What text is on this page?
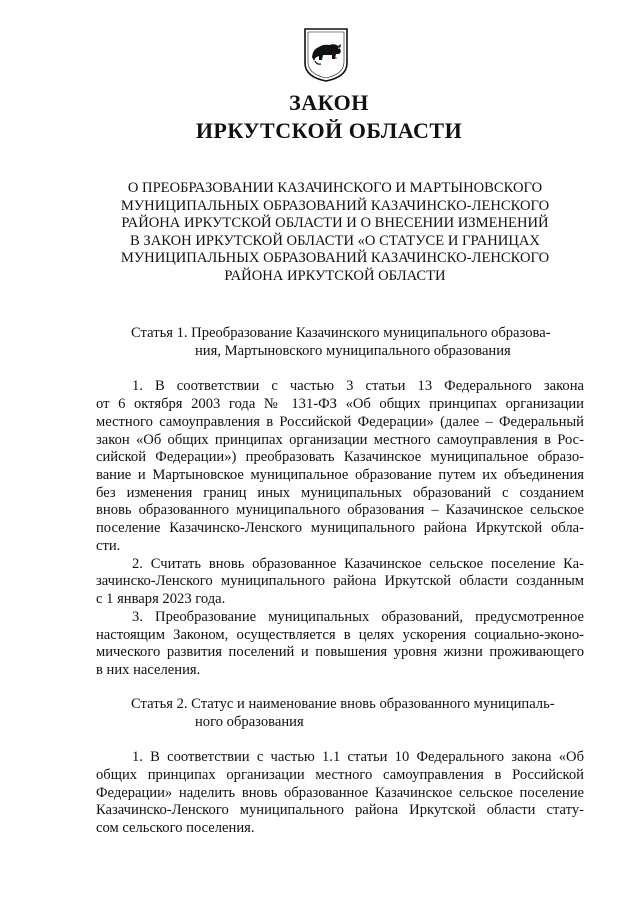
ЗАКОН
ИРКУТСКОЙ ОБЛАСТИ
О ПРЕОБРАЗОВАНИИ КАЗАЧИНСКОГО И МАРТЫНОВСКОГО
МУНИЦИПАЛЬНЫХ ОБРАЗОВАНИЙ КАЗАЧИНСКО-ЛЕНСКОГО
РАЙОНА ИРКУТСКОЙ ОБЛАСТИ И О ВНЕСЕНИИ ИЗМЕНЕНИЙ
В ЗАКОН ИРКУТСКОЙ ОБЛАСТИ «О СТАТУСЕ И ГРАНИЦАХ
МУНИЦИПАЛЬНЫХ ОБРАЗОВАНИЙ КАЗАЧИНСКО-ЛЕНСКОГО
РАЙОНА ИРКУТСКОЙ ОБЛАСТИ
Статья 1. Преобразование Казачинского муниципального образова-
ния, Мартыновского муниципального образования
1. В соответствии с частью 3 статьи 13 Федерального закона
от 6 октября 2003 года № 131-ФЗ «Об общих принципах организации
местного самоуправления в Российской Федерации» (далее – Федеральный
закон «Об общих принципах организации местного самоуправления в Рос-
сийской Федерации») преобразовать Казачинское муниципальное образо-
вание и Мартыновское муниципальное образование путем их объединения
без изменения границ иных муниципальных образований с созданием
вновь образованного муниципального образования – Казачинское сельское
поселение Казачинско-Ленского муниципального района Иркутской обла-
сти.
2. Считать вновь образованное Казачинское сельское поселение Ка-
зачинско-Ленского муниципального района Иркутской области созданным
с 1 января 2023 года.
3. Преобразование муниципальных образований, предусмотренное
настоящим Законом, осуществляется в целях ускорения социально-эконо-
мического развития поселений и повышения уровня жизни проживающего
в них населения.
Статья 2. Статус и наименование вновь образованного муниципаль-
ного образования
1. В соответствии с частью 1.1 статьи 10 Федерального закона «Об
общих принципах организации местного самоуправления в Российской
Федерации» наделить вновь образованное Казачинское сельское поселение
Казачинско-Ленского муниципального района Иркутской области стату-
сом сельского поселения.
